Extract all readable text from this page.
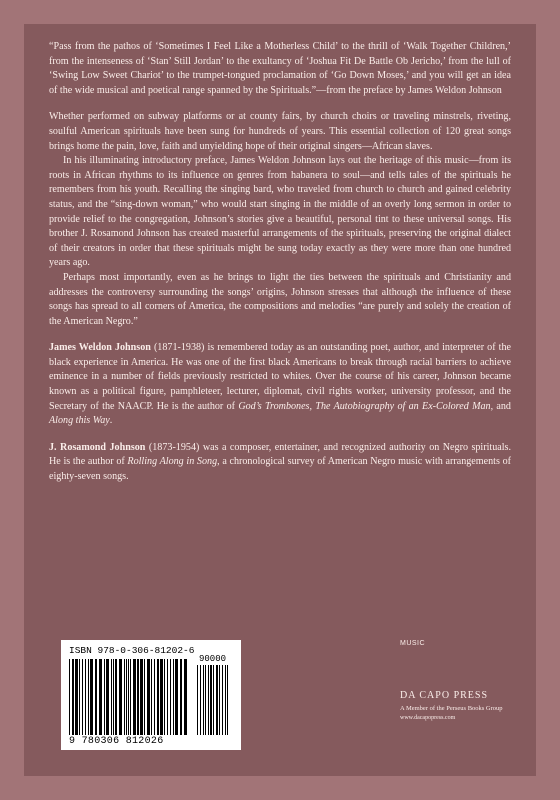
“Pass from the pathos of ‘Sometimes I Feel Like a Motherless Child’ to the thrill of ‘Walk Together Children,’ from the intenseness of ‘Stan’ Still Jordan’ to the exultancy of ‘Joshua Fit De Battle Ob Jericho,’ from the lull of ‘Swing Low Sweet Chariot’ to the trumpet-tongued proclamation of ‘Go Down Moses,’ and you will get an idea of the wide musical and poetical range spanned by the Spirituals.”—from the preface by James Weldon Johnson

Whether performed on subway platforms or at county fairs, by church choirs or traveling minstrels, riveting, soulful American spirituals have been sung for hundreds of years. This essential collection of 120 great songs brings home the pain, love, faith and unyielding hope of their original singers—African slaves.

In his illuminating introductory preface, James Weldon Johnson lays out the heritage of this music—from its roots in African rhythms to its influence on genres from habanera to soul—and tells tales of the spirituals he remembers from his youth. Recalling the singing bard, who traveled from church to church and gained celebrity status, and the “sing-down woman,” who would start singing in the middle of an overly long sermon in order to provide relief to the congregation, Johnson’s stories give a beautiful, personal tint to these universal songs. His brother J. Rosamond Johnson has created masterful arrangements of the spirituals, preserving the original dialect of their creators in order that these spirituals might be sung today exactly as they were more than one hundred years ago.

Perhaps most importantly, even as he brings to light the ties between the spirituals and Christianity and addresses the controversy surrounding the songs’ origins, Johnson stresses that although the influence of these songs has spread to all corners of America, the compositions and melodies “are purely and solely the creation of the American Negro.”

James Weldon Johnson (1871-1938) is remembered today as an outstanding poet, author, and interpreter of the black experience in America. He was one of the first black Americans to break through racial barriers to achieve eminence in a number of fields previously restricted to whites. Over the course of his career, Johnson became known as a political figure, pamphleteer, lecturer, diplomat, civil rights worker, university professor, and the Secretary of the NAACP. He is the author of God’s Trombones, The Autobiography of an Ex-Colored Man, and Along this Way.

J. Rosamond Johnson (1873-1954) was a composer, entertainer, and recognized authority on Negro spirituals. He is the author of Rolling Along in Song, a chronological survey of American Negro music with arrangements of eighty-seven songs.

MUSIC
ISBN 978-0-306-81202-6
90000
9 780306 812026
DA CAPO PRESS
A Member of the Perseus Books Group
www.dacapopress.com
